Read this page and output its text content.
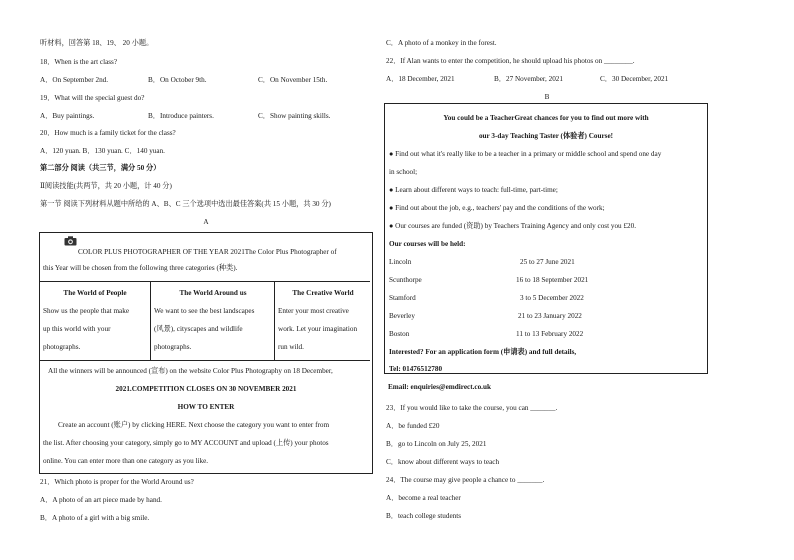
听材料，回答第 18、19、 20 小题。
18．When is the art class?
A．On September 2nd.	B．On October 9th.	C．On November 15th.
19．What will the special guest do?
A．Buy paintings.	B．Introduce painters.	C．Show painting skills.
20．How much is a family ticket for the class?
A．120 yuan. B．130 yuan. C．140 yuan.
第二部分 阅读（共三节，满分 50 分）
Ⅱ阅读技能(共两节，共 20 小题，计 40 分)
第一节 阅读下列材料从题中所给的 A、B、C 三个选项中选出最佳答案(共 15 小题，共 30 分)
A
COLOR PLUS PHOTOGRAPHER OF THE YEAR 2021The Color Plus Photographer of
this Year will be chosen from the following three categories (种类).
The World of People
Show us the people that make
up this world with your
photographs.
The World Around us
We want to see the best landscapes
(风景), cityscapes and wildlife
photographs.
The Creative World
Enter your most creative
work. Let your imagination
run wild.
All the winners will be announced (宣布) on the website Color Plus Photography on 18 December,
2021.COMPETITION CLOSES ON 30 NOVEMBER 2021
HOW TO ENTER
Create an account (账户) by clicking HERE. Next choose the category you want to enter from
the list. After choosing your category, simply go to MY ACCOUNT and upload (上传) your photos
online. You can enter more than one category as you like.
21．Which photo is proper for the World Around us?
A．A photo of an art piece made by hand.
B．A photo of a girl with a big smile.
C．A photo of a monkey in the forest.
22．If Alan wants to enter the competition, he should upload his photos on ________.
A．18 December, 2021	B．27 November, 2021	C．30 December, 2021
B
You could be a TeacherGreat chances for you to find out more with
our 3-day Teaching Taster (体验者) Course!
● Find out what it's really like to be a teacher in a primary or middle school and spend one day
in school;
● Learn about different ways to teach: full-time, part-time;
● Find out about the job, e.g., teachers' pay and the conditions of the work;
● Our courses are funded (资助) by Teachers Training Agency and only cost you £20.
Our courses will be held:
Lincoln	25 to 27 June 2021
Scunthorpe	16 to 18 September 2021
Stamford	3 to 5 December 2022
Beverley	21 to 23 January 2022
Boston	11 to 13 February 2022
Interested? For an application form (申请表) and full details,
Tel: 01476512780
Email: enquiries@emdirect.co.uk
23．If you would like to take the course, you can _______.
A．be funded £20
B．go to Lincoln on July 25, 2021
C．know about different ways to teach
24．The course may give people a chance to _______.
A．become a real teacher
B．teach college students
